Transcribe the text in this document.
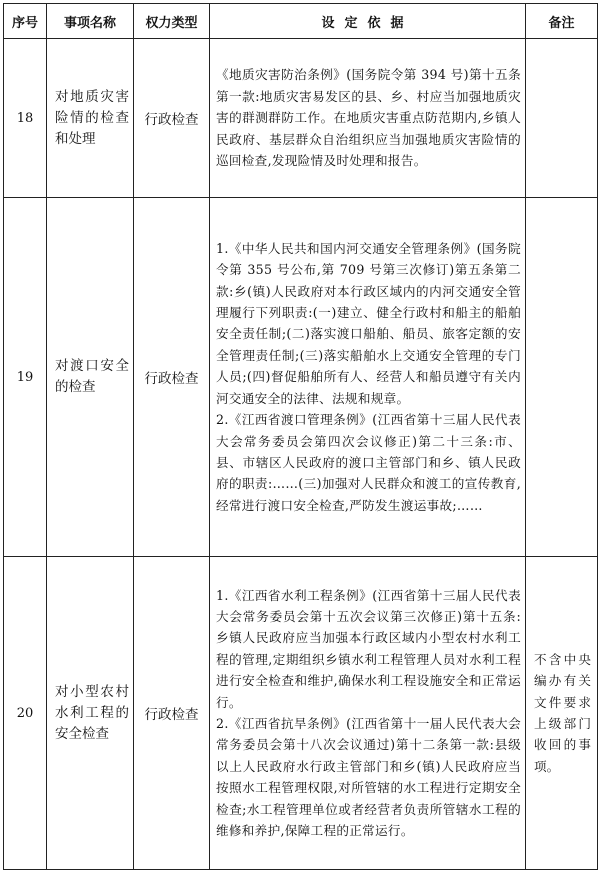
序号	事项名称	权力类型	设定依据	备注
18	对地质灾害险情的检查和处理	行政检查	《地质灾害防治条例》(国务院令第 394 号)第十五条第一款:地质灾害易发区的县、乡、村应当加强地质灾害的群测群防工作。在地质灾害重点防范期内,乡镇人民政府、基层群众自治组织应当加强地质灾害险情的巡回检查,发现险情及时处理和报告。	

19	对渡口安全的检查	行政检查	1.《中华人民共和国内河交通安全管理条例》(国务院令第 355 号公布,第 709 号第三次修订)第五条第二款:乡(镇)人民政府对本行政区域内的内河交通安全管理履行下列职责:(一)建立、健全行政村和船主的船舶安全责任制;(二)落实渡口船舶、船员、旅客定额的安全管理责任制;(三)落实船舶水上交通安全管理的专门人员;(四)督促船舶所有人、经营人和船员遵守有关内河交通安全的法律、法规和规章。
2.《江西省渡口管理条例》(江西省第十三届人民代表大会常务委员会第四次会议修正)第二十三条:市、县、市辖区人民政府的渡口主管部门和乡、镇人民政府的职责:……(三)加强对人民群众和渡工的宣传教育,经常进行渡口安全检查,严防发生渡运事故;……	

20	对小型农村水利工程的安全检查	行政检查	1.《江西省水利工程条例》(江西省第十三届人民代表大会常务委员会第十五次会议第三次修正)第十五条:乡镇人民政府应当加强本行政区域内小型农村水利工程的管理,定期组织乡镇水利工程管理人员对水利工程进行安全检查和维护,确保水利工程设施安全和正常运行。
2.《江西省抗旱条例》(江西省第十一届人民代表大会常务委员会第十八次会议通过)第十二条第一款:县级以上人民政府水行政主管部门和乡(镇)人民政府应当按照水工程管理权限,对所管辖的水工程进行定期安全检查;水工程管理单位或者经营者负责所管辖水工程的维修和养护,保障工程的正常运行。	不含中央编办有关文件要求上级部门收回的事项。
